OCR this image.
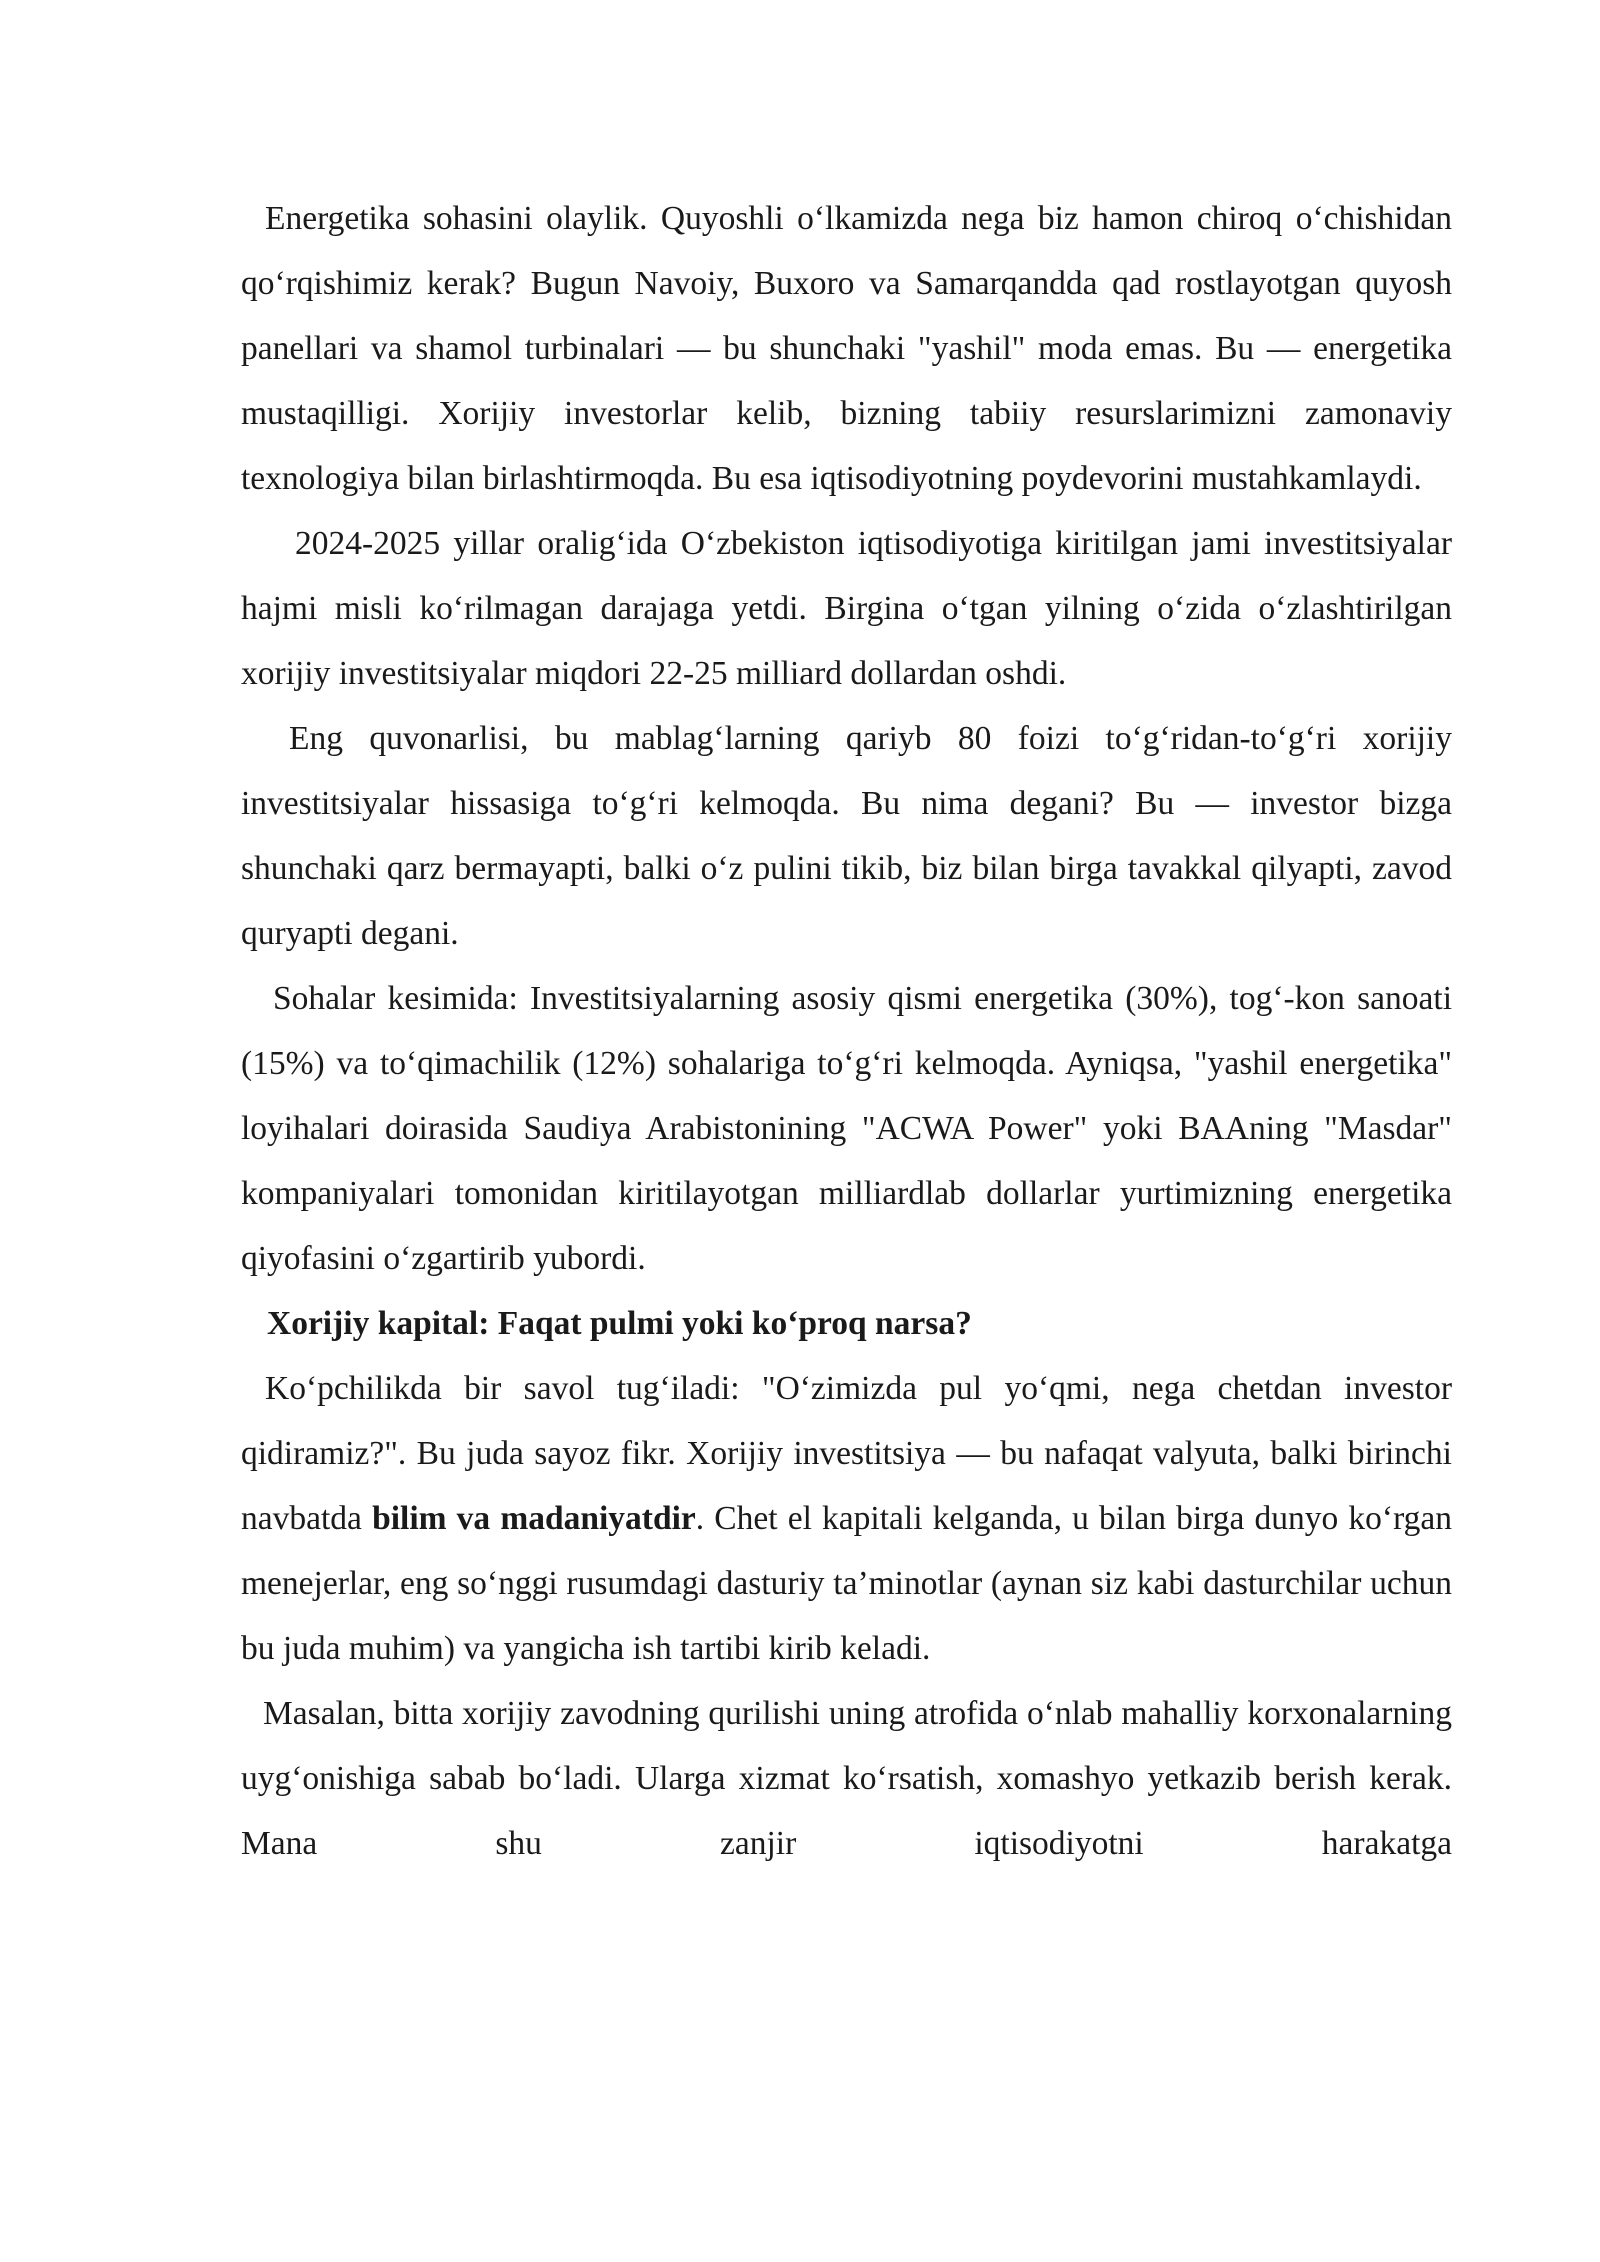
Energetika sohasini olaylik. Quyoshli o‘lkamizda nega biz hamon chiroq o‘chishidan qo‘rqishimiz kerak? Bugun Navoiy, Buxoro va Samarqandda qad rostlayotgan quyosh panellari va shamol turbinalari — bu shunchaki "yashil" moda emas. Bu — energetika mustaqilligi. Xorijiy investorlar kelib, bizning tabiiy resurslarimizni zamonaviy texnologiya bilan birlashtirmoqda. Bu esa iqtisodiyotning poydevorini mustahkamlaydi.

2024-2025 yillar oralig‘ida O‘zbekiston iqtisodiyotiga kiritilgan jami investitsiyalar hajmi misli ko‘rilmagan darajaga yetdi. Birgina o‘tgan yilning o‘zida o‘zlashtirilgan xorijiy investitsiyalar miqdori 22-25 milliard dollardan oshdi.

Eng quvonarlisi, bu mablag‘larning qariyb 80 foizi to‘g‘ridan-to‘g‘ri xorijiy investitsiyalar hissasiga to‘g‘ri kelmoqda. Bu nima degani? Bu — investor bizga shunchaki qarz bermayapti, balki o‘z pulini tikib, biz bilan birga tavakkal qilyapti, zavod quryapti degani.

Sohalar kesimida: Investitsiyalarning asosiy qismi energetika (30%), tog‘-kon sanoati (15%) va to‘qimachilik (12%) sohalariga to‘g‘ri kelmoqda. Ayniqsa, "yashil energetika" loyihalari doirasida Saudiya Arabistonining "ACWA Power" yoki BAAning "Masdar" kompaniyalari tomonidan kiritilayotgan milliardlab dollarlar yurtimizning energetika qiyofasini o‘zgartirib yubordi.

Xorijiy kapital: Faqat pulmi yoki ko‘proq narsa?

Ko‘pchilikda bir savol tug‘iladi: "O‘zimizda pul yo‘qmi, nega chetdan investor qidiramiz?". Bu juda sayoz fikr. Xorijiy investitsiya — bu nafaqat valyuta, balki birinchi navbatda bilim va madaniyatdir. Chet el kapitali kelganda, u bilan birga dunyo ko‘rgan menejerlar, eng so‘nggi rusumdagi dasturiy ta’minotlar (aynan siz kabi dasturchilar uchun bu juda muhim) va yangicha ish tartibi kirib keladi.

Masalan, bitta xorijiy zavodning qurilishi uning atrofida o‘nlab mahalliy korxonalarning uyg‘onishiga sabab bo‘ladi. Ularga xizmat ko‘rsatish, xomashyo yetkazib berish kerak. Mana shu zanjir iqtisodiyotni harakatga
